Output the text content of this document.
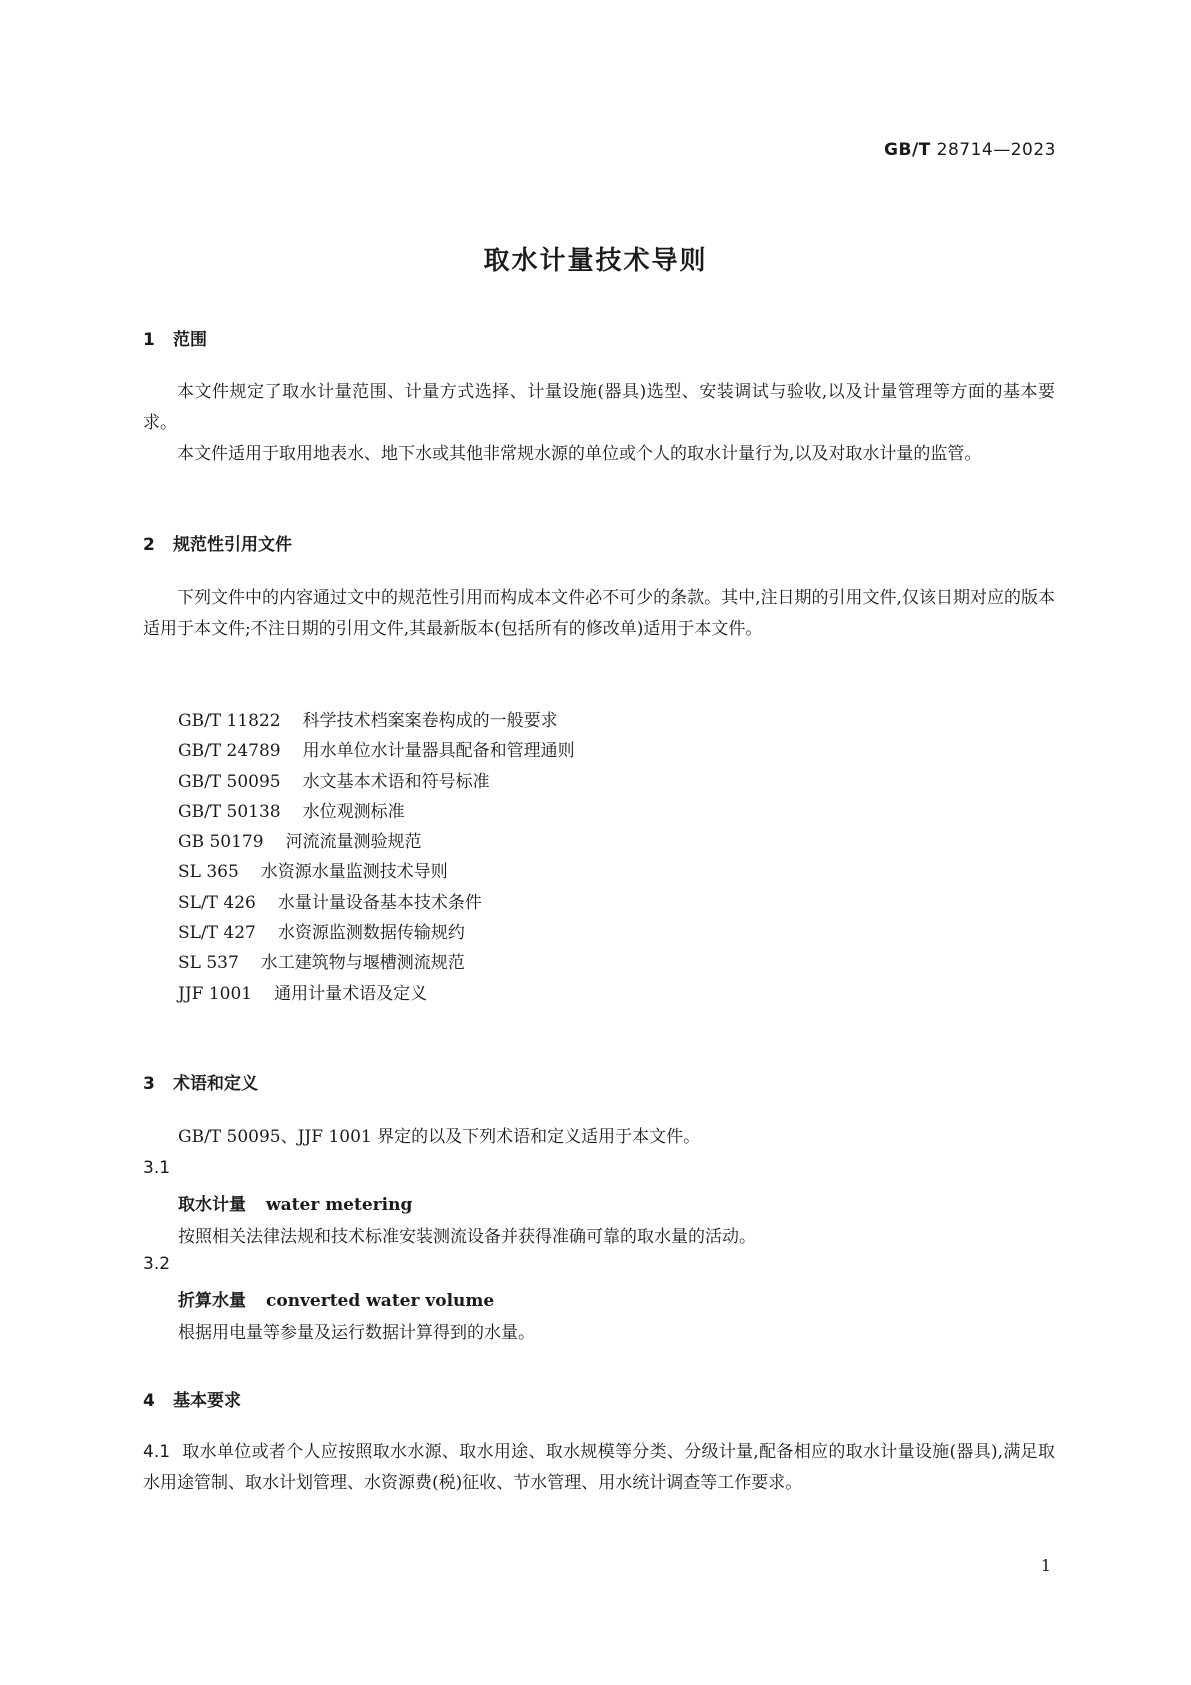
GB/T 28714—2023
取水计量技术导则
1 范围

本文件规定了取水计量范围、计量方式选择、计量设施(器具)选型、安装调试与验收,以及计量管理等方面的基本要求。

本文件适用于取用地表水、地下水或其他非常规水源的单位或个人的取水计量行为,以及对取水计量的监管。

2 规范性引用文件

下列文件中的内容通过文中的规范性引用而构成本文件必不可少的条款。其中,注日期的引用文件,仅该日期对应的版本适用于本文件;不注日期的引用文件,其最新版本(包括所有的修改单)适用于本文件。

GB/T 11822 科学技术档案案卷构成的一般要求
GB/T 24789 用水单位水计量器具配备和管理通则
GB/T 50095 水文基本术语和符号标准
GB/T 50138 水位观测标准
GB 50179 河流流量测验规范
SL 365 水资源水量监测技术导则
SL/T 426 水量计量设备基本技术条件
SL/T 427 水资源监测数据传输规约
SL 537 水工建筑物与堰槽测流规范
JJF 1001 通用计量术语及定义
3 术语和定义
GB/T 50095、JJF 1001 界定的以及下列术语和定义适用于本文件。
3.1
取水计量 water metering
按照相关法律法规和技术标准安装测流设备并获得准确可靠的取水量的活动。
3.2
折算水量 converted water volume
根据用电量等参量及运行数据计算得到的水量。
4 基本要求

4.1 取水单位或者个人应按照取水水源、取水用途、取水规模等分类、分级计量,配备相应的取水计量设施(器具),满足取水用途管制、取水计划管理、水资源费(税)征收、节水管理、用水统计调查等工作要求。

1
